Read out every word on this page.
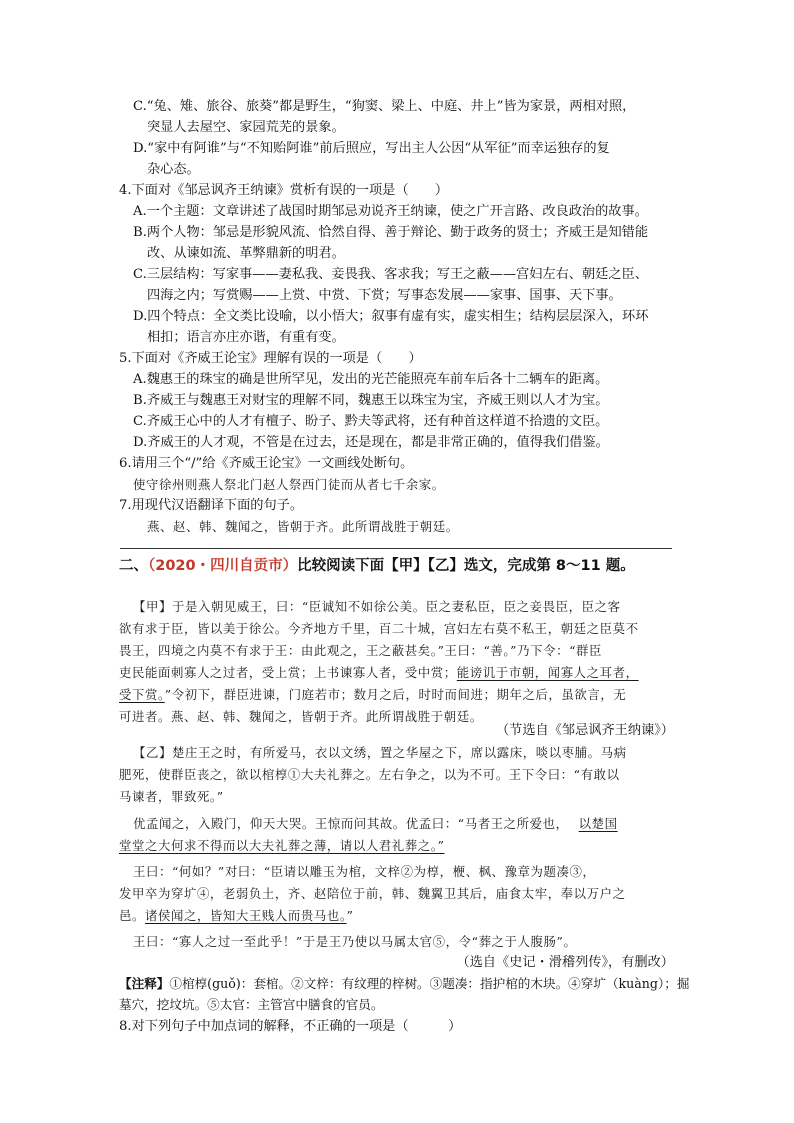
C.“兔、雉、旅谷、旅葵”都是野生，“狗窦、梁上、中庭、井上”皆为家景，两相对照，
突显人去屋空、家园荒芜的景象。
D.“家中有阿谁”与“不知贻阿谁”前后照应，写出主人公因“从军征”而幸运独存的复
杂心态。
4.下面对《邹忌讽齐王纳谏》赏析有误的一项是（　　）
A.一个主题：文章讲述了战国时期邹忌劝说齐王纳谏，使之广开言路、改良政治的故事。
B.两个人物：邹忌是形貌风流、恰然自得、善于辩论、勤于政务的贤士；齐威王是知错能
改、从谏如流、革弊鼎新的明君。
C.三层结构：写家事——妻私我、妾畏我、客求我；写王之蔽——宫妇左右、朝廷之臣、
四海之内；写赏赐——上赏、中赏、下赏；写事态发展——家事、国事、天下事。
D.四个特点：全文类比设喻，以小悟大；叙事有虚有实，虚实相生；结构层层深入，环环
相扣；语言亦庄亦谐，有重有变。
5.下面对《齐威王论宝》理解有误的一项是（　　）
A.魏惠王的珠宝的确是世所罕见，发出的光芒能照亮车前车后各十二辆车的距离。
B.齐威王与魏惠王对财宝的理解不同，魏惠王以珠宝为宝，齐威王则以人才为宝。
C.齐威王心中的人才有檀子、盼子、黔夫等武将，还有种首这样道不拾遗的文臣。
D.齐威王的人才观，不管是在过去，还是现在，都是非常正确的，值得我们借鉴。
6.请用三个“/”给《齐威王论宝》一文画线处断句。
使守徐州则燕人祭北门赵人祭西门徒而从者七千余家。
7.用现代汉语翻译下面的句子。
燕、赵、韩、魏闻之，皆朝于齐。此所谓战胜于朝廷。
二、（2020・四川自贡市）比较阅读下面【甲】【乙】选文，完成第 8～11 题。
【甲】于是入朝见威王，曰：“臣诚知不如徐公美。臣之妻私臣，臣之妾畏臣，臣之客
欲有求于臣，皆以美于徐公。今齐地方千里，百二十城，宫妇左右莫不私王，朝廷之臣莫不
畏王，四境之内莫不有求于王：由此观之，王之蔽甚矣。”王曰：“善。”乃下令：“群臣
吏民能面刺寡人之过者，受上赏；上书谏寡人者，受中赏；能谤讥于市朝，闻寡人之耳者，
受下赏。”令初下，群臣进谏，门庭若市；数月之后，时时而间进；期年之后，虽欲言，无
可进者。燕、赵、韩、魏闻之，皆朝于齐。此所谓战胜于朝廷。
（节选自《邹忌讽齐王纳谏》）
【乙】楚庄王之时，有所爱马，衣以文绣，置之华屋之下，席以露床，啖以枣脯。马病
肥死，使群臣丧之，欲以棺椁①大夫礼葬之。左右争之，以为不可。王下令曰：“有敢以
马谏者，罪致死。”
优孟闻之，入殿门，仰天大哭。王惊而问其故。优孟曰：“马者王之所爱也， 以楚国
堂堂之大何求不得而以大夫礼葬之薄，请以人君礼葬之。”
王曰：“何如？”对曰：“臣请以雕玉为棺，文梓②为椁，楩、枫、豫章为题凑③，
发甲卒为穿圹④，老弱负土，齐、赵陪位于前，韩、魏翼卫其后，庙食太牢，奉以万户之
邑。诸侯闻之，皆知大王贱人而贵马也。”
王曰：“寡人之过一至此乎！”于是王乃使以马属太官⑤，令“葬之于人腹肠”。
（选自《史记・滑稽列传》，有删改）
【注释】①棺椁(guǒ)：套棺。②文梓：有纹理的梓树。③题凑：指护棺的木块。④穿圹（kuàng）；掘
墓穴，挖坟坑。⑤太官：主管宫中膳食的官员。
8.对下列句子中加点词的解释，不正确的一项是（　　　）
